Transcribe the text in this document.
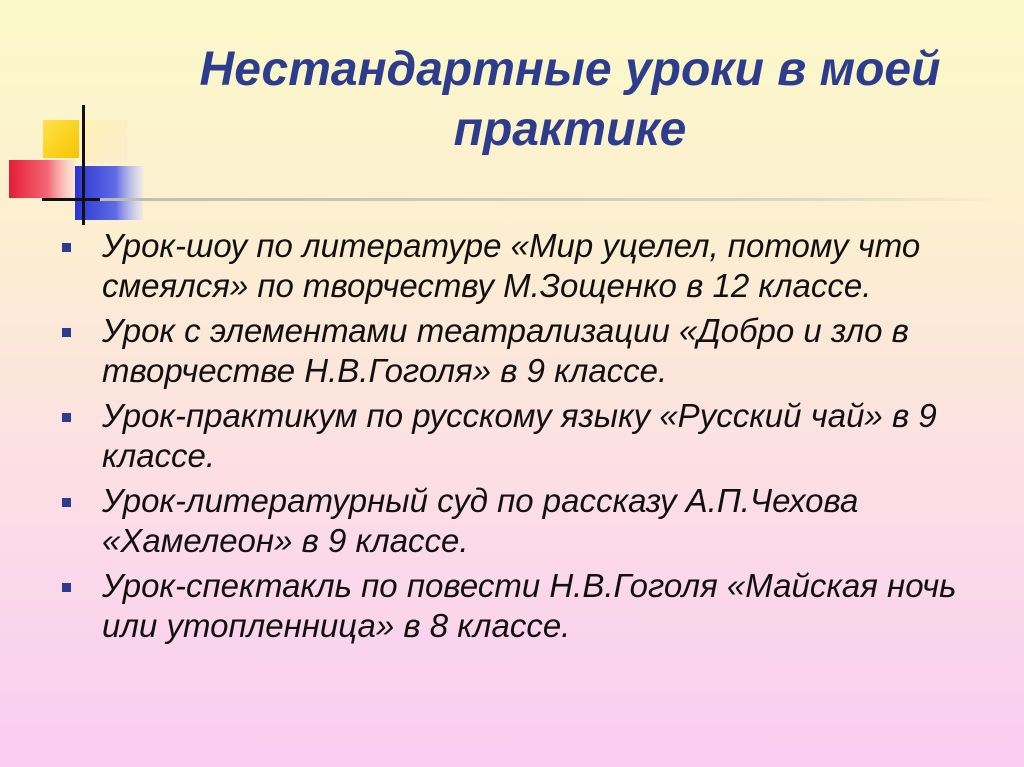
Нестандартные уроки в моей практике
Урок-шоу по литературе «Мир уцелел, потому что смеялся» по творчеству М.Зощенко в 12 классе.
Урок с элементами театрализации «Добро и зло в творчестве Н.В.Гоголя» в 9 классе.
Урок-практикум по русскому языку «Русский чай» в 9 классе.
Урок-литературный суд по рассказу А.П.Чехова «Хамелеон» в 9 классе.
Урок-спектакль по повести Н.В.Гоголя «Майская ночь или утопленница» в 8 классе.
